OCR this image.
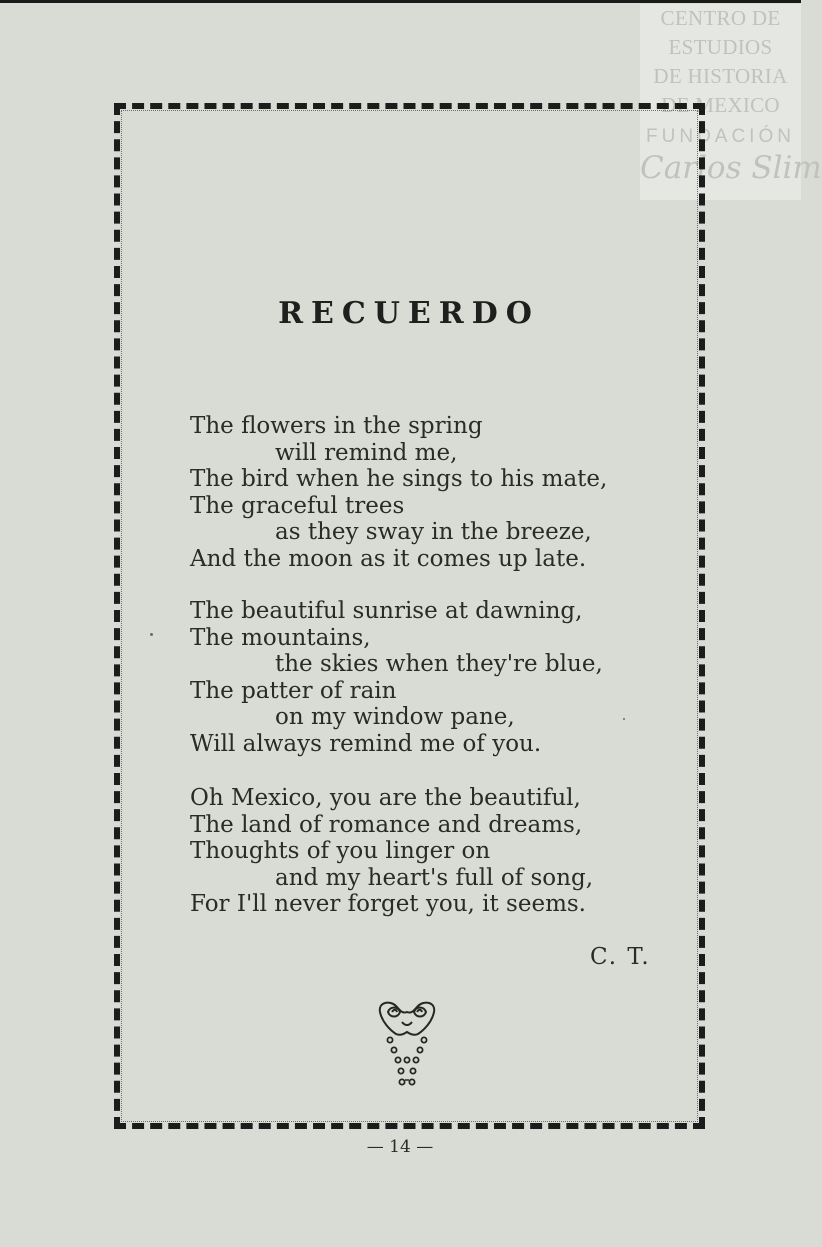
CENTRO DE
ESTUDIOS
DE HISTORIA
DE MEXICO
FUNDACIÓN
Carlos Slim
RECUERDO
The flowers in the spring
will remind me,
The bird when he sings to his mate,
The graceful trees
as they sway in the breeze,
And the moon as it comes up late.
The beautiful sunrise at dawning,
The mountains,
the skies when they're blue,
The patter of rain
on my window pane,
Will always remind me of you.
Oh Mexico, you are the beautiful,
The land of romance and dreams,
Thoughts of you linger on
and my heart's full of song,
For I'll never forget you, it seems.
C. T.
— 14 —
